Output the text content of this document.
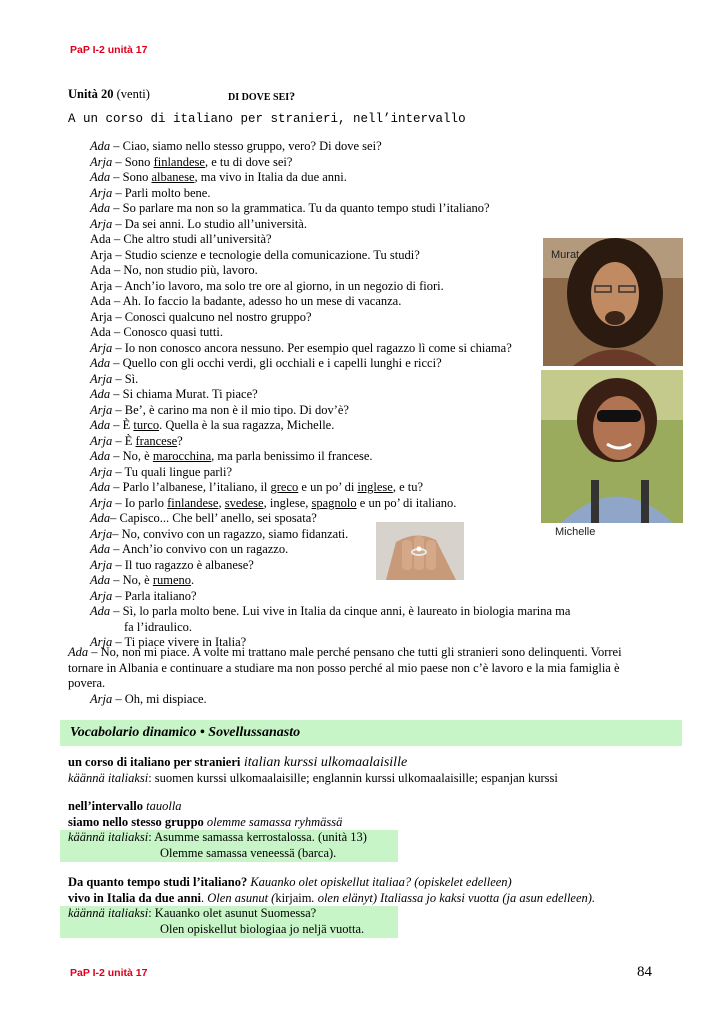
PaP I-2 unità 17
Unità 20 (venti)	DI DOVE SEI?
A un corso di italiano per stranieri, nell’intervallo
Ada – Ciao, siamo nello stesso gruppo, vero? Di dove sei?
Arja – Sono finlandese, e tu di dove sei?
Ada – Sono albanese, ma vivo in Italia da due anni.
Arja – Parli molto bene.
Ada – So parlare ma non so la grammatica. Tu da quanto tempo studi l’italiano?
Arja – Da sei anni. Lo studio all’università.
Ada – Che altro studi all’università?
Arja – Studio scienze e tecnologie della comunicazione. Tu studi?
Ada – No, non studio più, lavoro.
Arja – Anch’io lavoro, ma solo tre ore al giorno, in un negozio di fiori.
Ada – Ah. Io faccio la badante, adesso ho un mese di vacanza.
Arja – Conosci qualcuno nel nostro gruppo?
Ada – Conosco quasi tutti.
Arja – Io non conosco ancora nessuno. Per esempio quel ragazzo lì come si chiama?
Ada – Quello con gli occhi verdi, gli occhiali e i capelli lunghi e ricci?
Arja – Sì.
Ada – Si chiama Murat. Ti piace?
Arja – Be’, è carino ma non è il mio tipo. Di dov’è?
Ada – È turco. Quella è la sua ragazza, Michelle.
Arja – È francese?
Ada – No, è marocchina, ma parla benissimo il francese.
Arja – Tu quali lingue parli?
Ada – Parlo l’albanese, l’italiano, il greco e un po’ di inglese, e tu?
Arja – Io parlo finlandese, svedese, inglese, spagnolo e un po’ di italiano.
Ada– Capisco... Che bell’ anello, sei sposata?
Arja– No, convivo con un ragazzo, siamo fidanzati.
Ada – Anch’io convivo con un ragazzo.
Arja – Il tuo ragazzo è albanese?
Ada – No, è rumeno.
Arja – Parla italiano?
Ada – Sì, lo parla molto bene. Lui vive in Italia da cinque anni, è laureato in biologia marina ma
fa l’idraulico.
Arja – Ti piace vivere in Italia?
Ada – No, non mi piace. A volte mi trattano male perché pensano che tutti gli stranieri sono delinquenti. Vorrei tornare in Albania e continuare a studiare ma non posso perché al mio paese non c’è lavoro e la mia famiglia è povera.
Arja – Oh, mi dispiace.
Murat
Michelle
Vocabolario dinamico • Sovellussanasto
un corso di italiano per stranieri italian kurssi ulkomaalaisille
käännä italiaksi: suomen kurssi ulkomaalaisille; englannin kurssi ulkomaalaisille; espanjan kurssi
nell’intervallo tauolla
siamo nello stesso gruppo olemme samassa ryhmässä
käännä italiaksi: Asumme samassa kerrostalossa. (unità 13)
Olemme samassa veneessä (barca).
Da quanto tempo studi l’italiano? Kauanko olet opiskellut italiaa? (opiskelet edelleen)
vivo in Italia da due anni. Olen asunut (kirjaim. olen elänyt) Italiassa jo kaksi vuotta (ja asun edelleen).
käännä italiaksi: Kauanko olet asunut Suomessa?
Olen opiskellut biologiaa jo neljä vuotta.
PaP I-2 unità 17	84
